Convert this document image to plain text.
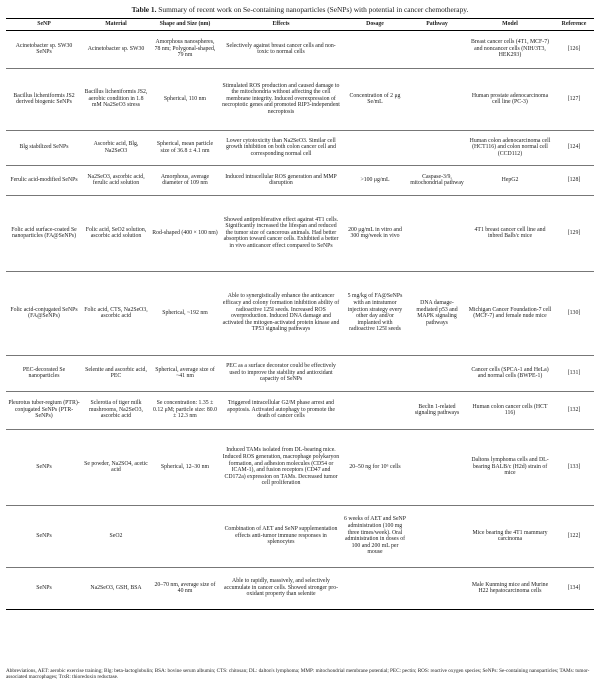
Table 1. Summary of recent work on Se-containing nanoparticles (SeNPs) with potential in cancer chemotherapy.
SeNP	Material	Shape and Size (nm)	Effects	Dosage	Pathway	Model	Reference
Acinetobacter sp. SW30 SeNPs	Acinetobacter sp. SW30	Amorphous nanospheres, 78 nm; Polygonal-shaped, 79 nm	Selectively against breast cancer cells and non-toxic to normal cells			Breast cancer cells (4T1, MCF-7) and noncancer cells (NIH/3T3, HEK293)	[126]
Bacillus licheniformis JS2 derived biogenic SeNPs	Bacillus licheniformis JS2, aerobic condition in 1.8 mM Na2SeO3 stress	Spherical, 110 nm	Stimulated ROS production and caused damage to the mitochondria without affecting the cell membrane integrity. Induced overexpression of necroptotic genes and promoted RIP3-independent necroptosis	Concentration of 2 μg Se/mL		Human prostate adenocarcinoma cell line (PC-3)	[127]
Blg stabilized SeNPs	Ascorbic acid, Blg, Na2SeO3	Spherical, mean particle size of 36.8 ± 4.1 nm	Lower cytotoxicity than Na2SeO3. Similar cell growth inhibition on both colon cancer cell and corresponding normal cell			Human colon adenocarcinoma cell (HCT116) and colon normal cell (CCD112)	[124]
Ferulic acid-modified SeNPs	Na2SeO3, ascorbic acid, ferulic acid solution	Amorphous, average diameter of 109 nm	Induced intracellular ROS generation and MMP disruption	>100 μg/mL	Caspase-3/9, mitochondrial pathway	HepG2	[128]
Folic acid surface-coated Se nanoparticles (FA@SeNPs)	Folic acid, SeO2 solution, ascorbic acid solution	Rod-shaped (400 × 100 nm)	Showed antiproliferative effect against 4T1 cells. Significantly increased the lifespan and reduced the tumor size of cancerous animals. Had better absorption toward cancer cells. Exhibited a better in vivo anticancer effect compared to SeNPs	200 μg/mL in vitro and 300 mg/week in vivo		4T1 breast cancer cell line and inbred Balb/c mice	[129]
Folic acid-conjugated SeNPs (FA@SeNPs)	Folic acid, CTS, Na2SeO3, ascorbic acid	Spherical, ~192 nm	Able to synergistically enhance the anticancer efficacy and colony formation inhibition ability of radioactive 125I seeds. Increased ROS overproduction. Induced DNA damage and activated the mitogen-activated protein kinase and TP53 signaling pathways	5 mg/kg of FA@SeNPs with an intratumor injection strategy every other day and/or implanted with radioactive 125I seeds	DNA damage-mediated p53 and MAPK signaling pathways	Michigan Cancer Foundation-7 cell (MCF-7) and female nude mice	[130]
PEC-decorated Se nanoparticles	Selenite and ascorbic acid, PEC	Spherical, average size of ~41 nm	PEC as a surface decorator could be effectively used to improve the stability and antioxidant capacity of SeNPs			Cancer cells (SPCA-1 and HeLa) and normal cells (BWPE-1)	[131]
Pleurotus tuber-regium (PTR)-conjugated SeNPs (PTR-SeNPs)	Sclerotia of tiger milk mushrooms, Na2SeO3, ascorbic acid	Se concentration: 1.35 ± 0.12 μM; particle size: 80.0 ± 12.3 nm	Triggered intracellular G2/M phase arrest and apoptosis. Activated autophagy to promote the death of cancer cells		Beclin 1-related signaling pathways	Human colon cancer cells (HCT 116)	[132]
SeNPs	Se powder, Na2SO4, acetic acid	Spherical, 12–30 nm	Induced TAMs isolated from DL-bearing mice. Induced ROS generation, macrophage polykaryon formation, and adhesion molecules (CD54 or ICAM-1), and fusion receptors (CD47 and CD172a) expression on TAMs. Decreased tumor cell proliferation	20–50 ng for 10⁶ cells		Daltons lymphoma cells and DL-bearing BALB/c (H2d) strain of mice	[133]
SeNPs	SeO2		Combination of AET and SeNP supplementation effects anti-tumor immune responses in splenocytes	6 weeks of AET and SeNP administration (100 mg three times/week). Oral administration in doses of 100 and 200 mL per mouse		Mice bearing the 4T1 mammary carcinoma	[122]
SeNPs	Na2SeO3, GSH, BSA	20–70 nm, average size of 40 nm	Able to rapidly, massively, and selectively accumulate in cancer cells. Showed stronger pro-oxidant property than selenite			Male Kunming mice and Murine H22 hepatocarcinoma cells	[134]
Abbreviations, AET: aerobic exercise training; Blg: beta-lactoglobulin; BSA: bovine serum albumin; CTS: chitosan; DL: dalton's lymphoma; MMP: mitochondrial membrane potential; PEC: pectin; ROS: reactive oxygen species; SeNPs: Se-containing nanoparticles; TAMs: tumor-associated macrophages; TrxR: thioredoxin reductase.
